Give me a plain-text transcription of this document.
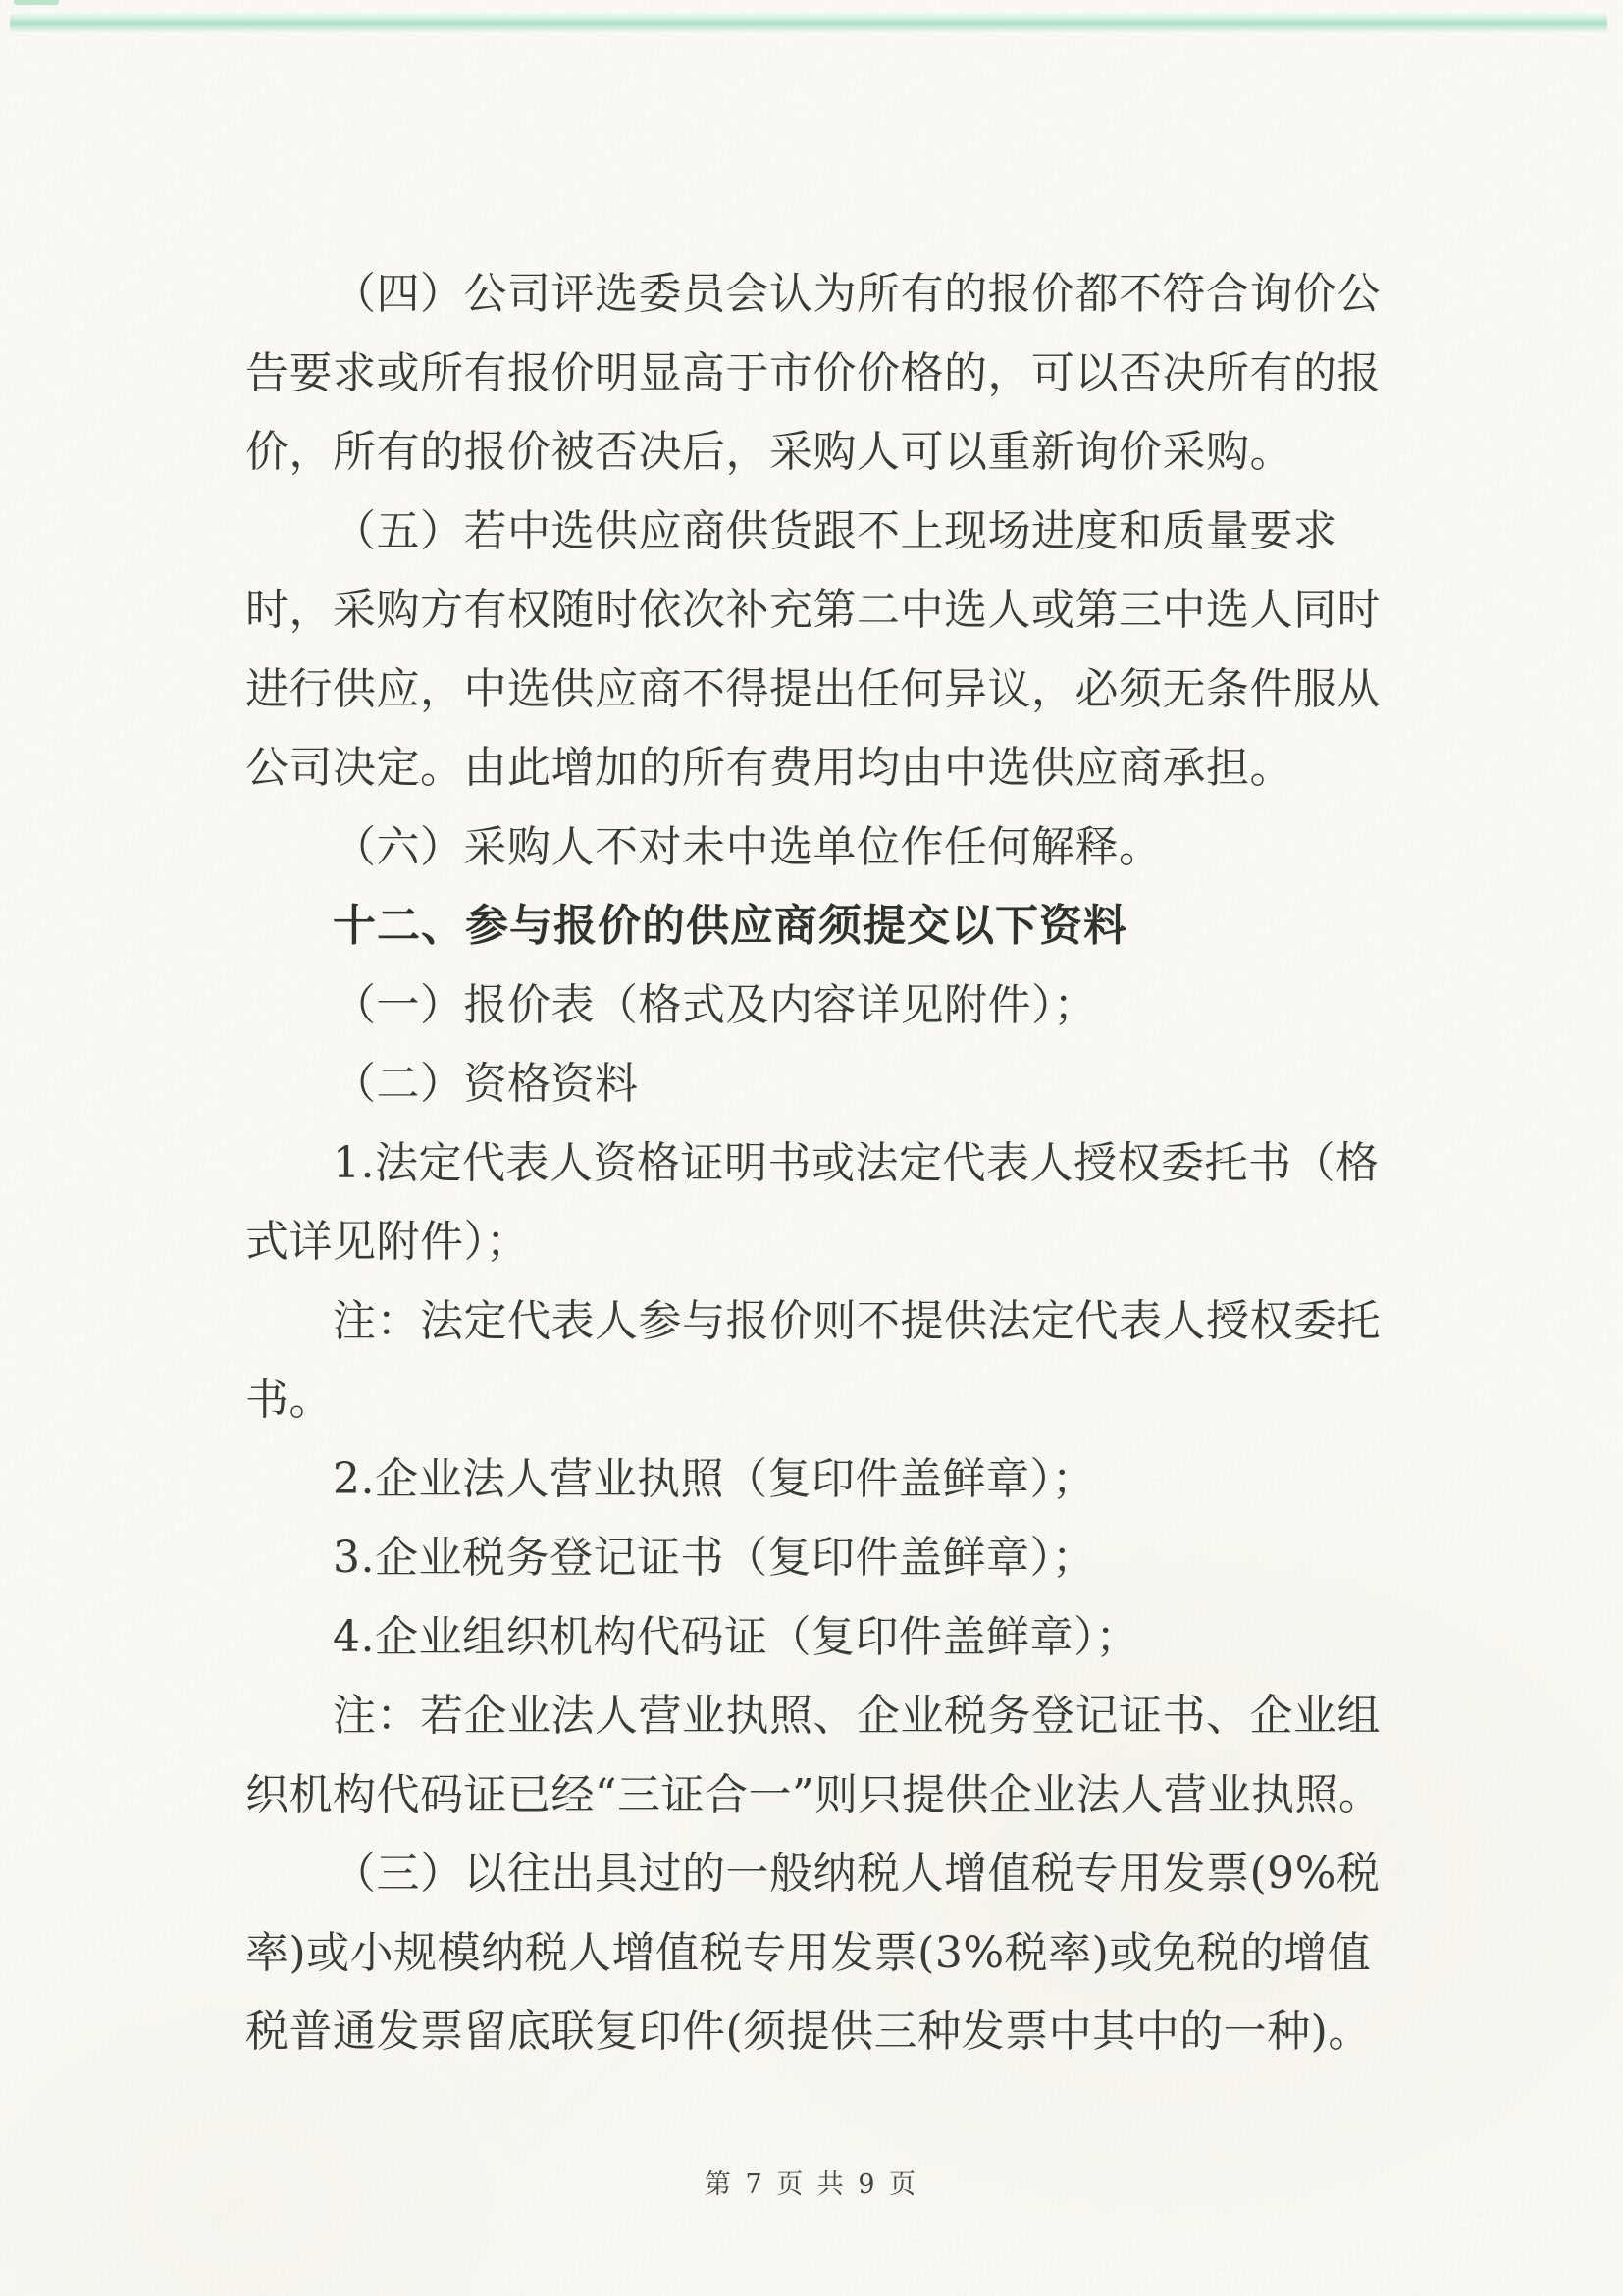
（四）公司评选委员会认为所有的报价都不符合询价公
告要求或所有报价明显高于市价价格的，可以否决所有的报
价，所有的报价被否决后，采购人可以重新询价采购。
（五）若中选供应商供货跟不上现场进度和质量要求
时，采购方有权随时依次补充第二中选人或第三中选人同时
进行供应，中选供应商不得提出任何异议，必须无条件服从
公司决定。由此增加的所有费用均由中选供应商承担。
（六）采购人不对未中选单位作任何解释。
十二、参与报价的供应商须提交以下资料
（一）报价表（格式及内容详见附件）；
（二）资格资料
1.法定代表人资格证明书或法定代表人授权委托书（格
式详见附件）；
注：法定代表人参与报价则不提供法定代表人授权委托
书。
2.企业法人营业执照（复印件盖鲜章）；
3.企业税务登记证书（复印件盖鲜章）；
4.企业组织机构代码证（复印件盖鲜章）；
注：若企业法人营业执照、企业税务登记证书、企业组
织机构代码证已经“三证合一”则只提供企业法人营业执照。
（三）以往出具过的一般纳税人增值税专用发票(9%税
率)或小规模纳税人增值税专用发票(3%税率)或免税的增值
税普通发票留底联复印件(须提供三种发票中其中的一种)。
第 7 页 共 9 页
